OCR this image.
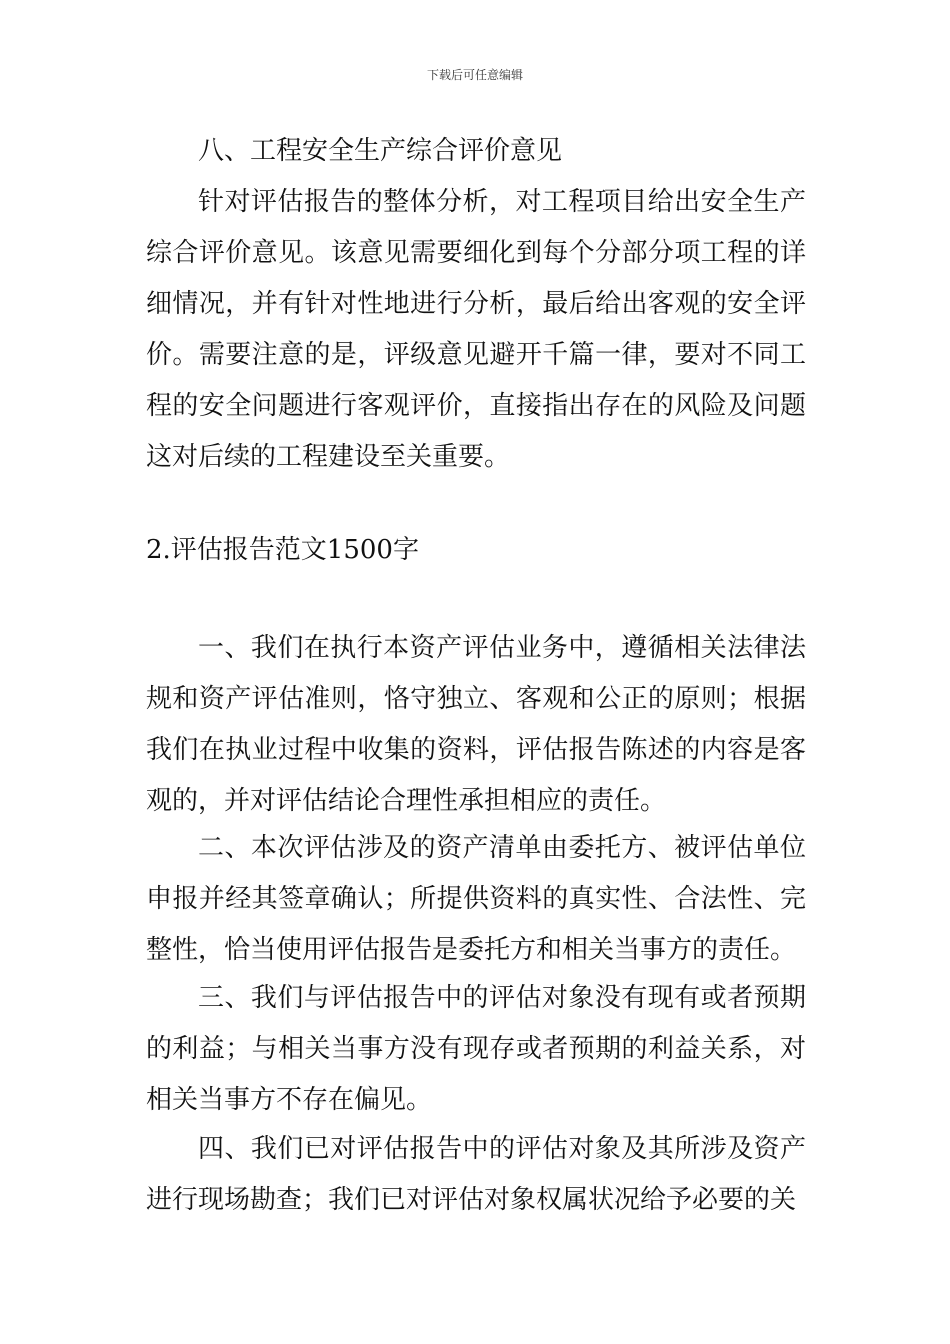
下载后可任意编辑

八、工程安全生产综合评价意见

针对评估报告的整体分析，对工程项目给出安全生产综合评价意见。该意见需要细化到每个分部分项工程的详细情况，并有针对性地进行分析，最后给出客观的安全评价。需要注意的是，评级意见避开千篇一律，要对不同工程的安全问题进行客观评价，直接指出存在的风险及问题这对后续的工程建设至关重要。

2.评估报告范文1500字

一、我们在执行本资产评估业务中，遵循相关法律法规和资产评估准则，恪守独立、客观和公正的原则；根据我们在执业过程中收集的资料，评估报告陈述的内容是客观的，并对评估结论合理性承担相应的责任。

二、本次评估涉及的资产清单由委托方、被评估单位申报并经其签章确认；所提供资料的真实性、合法性、完整性，恰当使用评估报告是委托方和相关当事方的责任。

三、我们与评估报告中的评估对象没有现有或者预期的利益；与相关当事方没有现存或者预期的利益关系，对相关当事方不存在偏见。

四、我们已对评估报告中的评估对象及其所涉及资产进行现场勘查；我们已对评估对象权属状况给予必要的关
